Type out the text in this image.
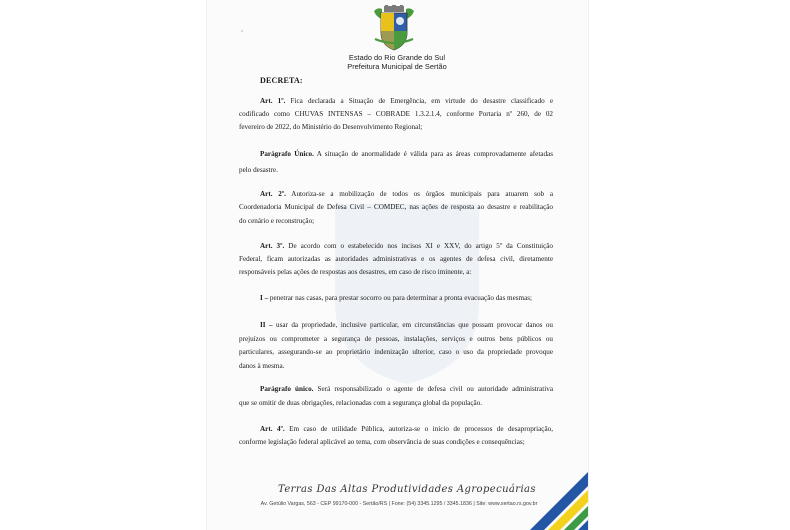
"
Estado do Rio Grande do Sul
Prefeitura Municipal de Sertão
DECRETA:
Art. 1º. Fica declarada a Situação de Emergência, em virtude do desastre classificado e
codificado como CHUVAS INTENSAS – COBRADE 1.3.2.1.4, conforme Portaria nº 260, de 02
fevereiro de 2022, do Ministério do Desenvolvimento Regional;
Parágrafo Único. A situação de anormalidade é válida para as áreas comprovadamente afetadas
pelo desastre.
Art. 2º. Autoriza-se a mobilização de todos os órgãos municipais para atuarem sob a
Coordenadoria Municipal de Defesa Civil – COMDEC, nas ações de resposta ao desastre e reabilitação
do cenário e reconstrução;
Art. 3º. De acordo com o estabelecido nos incisos XI e XXV, do artigo 5º da Constituição
Federal, ficam autorizadas as autoridades administrativas e os agentes de defesa civil, diretamente
responsáveis pelas ações de respostas aos desastres, em caso de risco iminente, a:
I – penetrar nas casas, para prestar socorro ou para determinar a pronta evacuação das mesmas;
II – usar da propriedade, inclusive particular, em circunstâncias que possam provocar danos ou
prejuízos ou comprometer a segurança de pessoas, instalações, serviços e outros bens públicos ou
particulares, assegurando-se ao proprietário indenização ulterior, caso o uso da propriedade provoque
danos à mesma.
Parágrafo único. Será responsabilizado o agente de defesa civil ou autoridade administrativa
que se omitir de duas obrigações, relacionadas com a segurança global da população.
Art. 4º. Em caso de utilidade Pública, autoriza-se o início de processos de desapropriação,
conforme legislação federal aplicável ao tema, com observância de suas condições e consequências;
Terras Das Altas Produtividades Agropecuárias
Av. Getúlio Vargas, 563 - CEP 99170-000 - Sertão/RS | Fone: (54) 3345.1295 / 3345.1836 | Site: www.sertao.rs.gov.br
